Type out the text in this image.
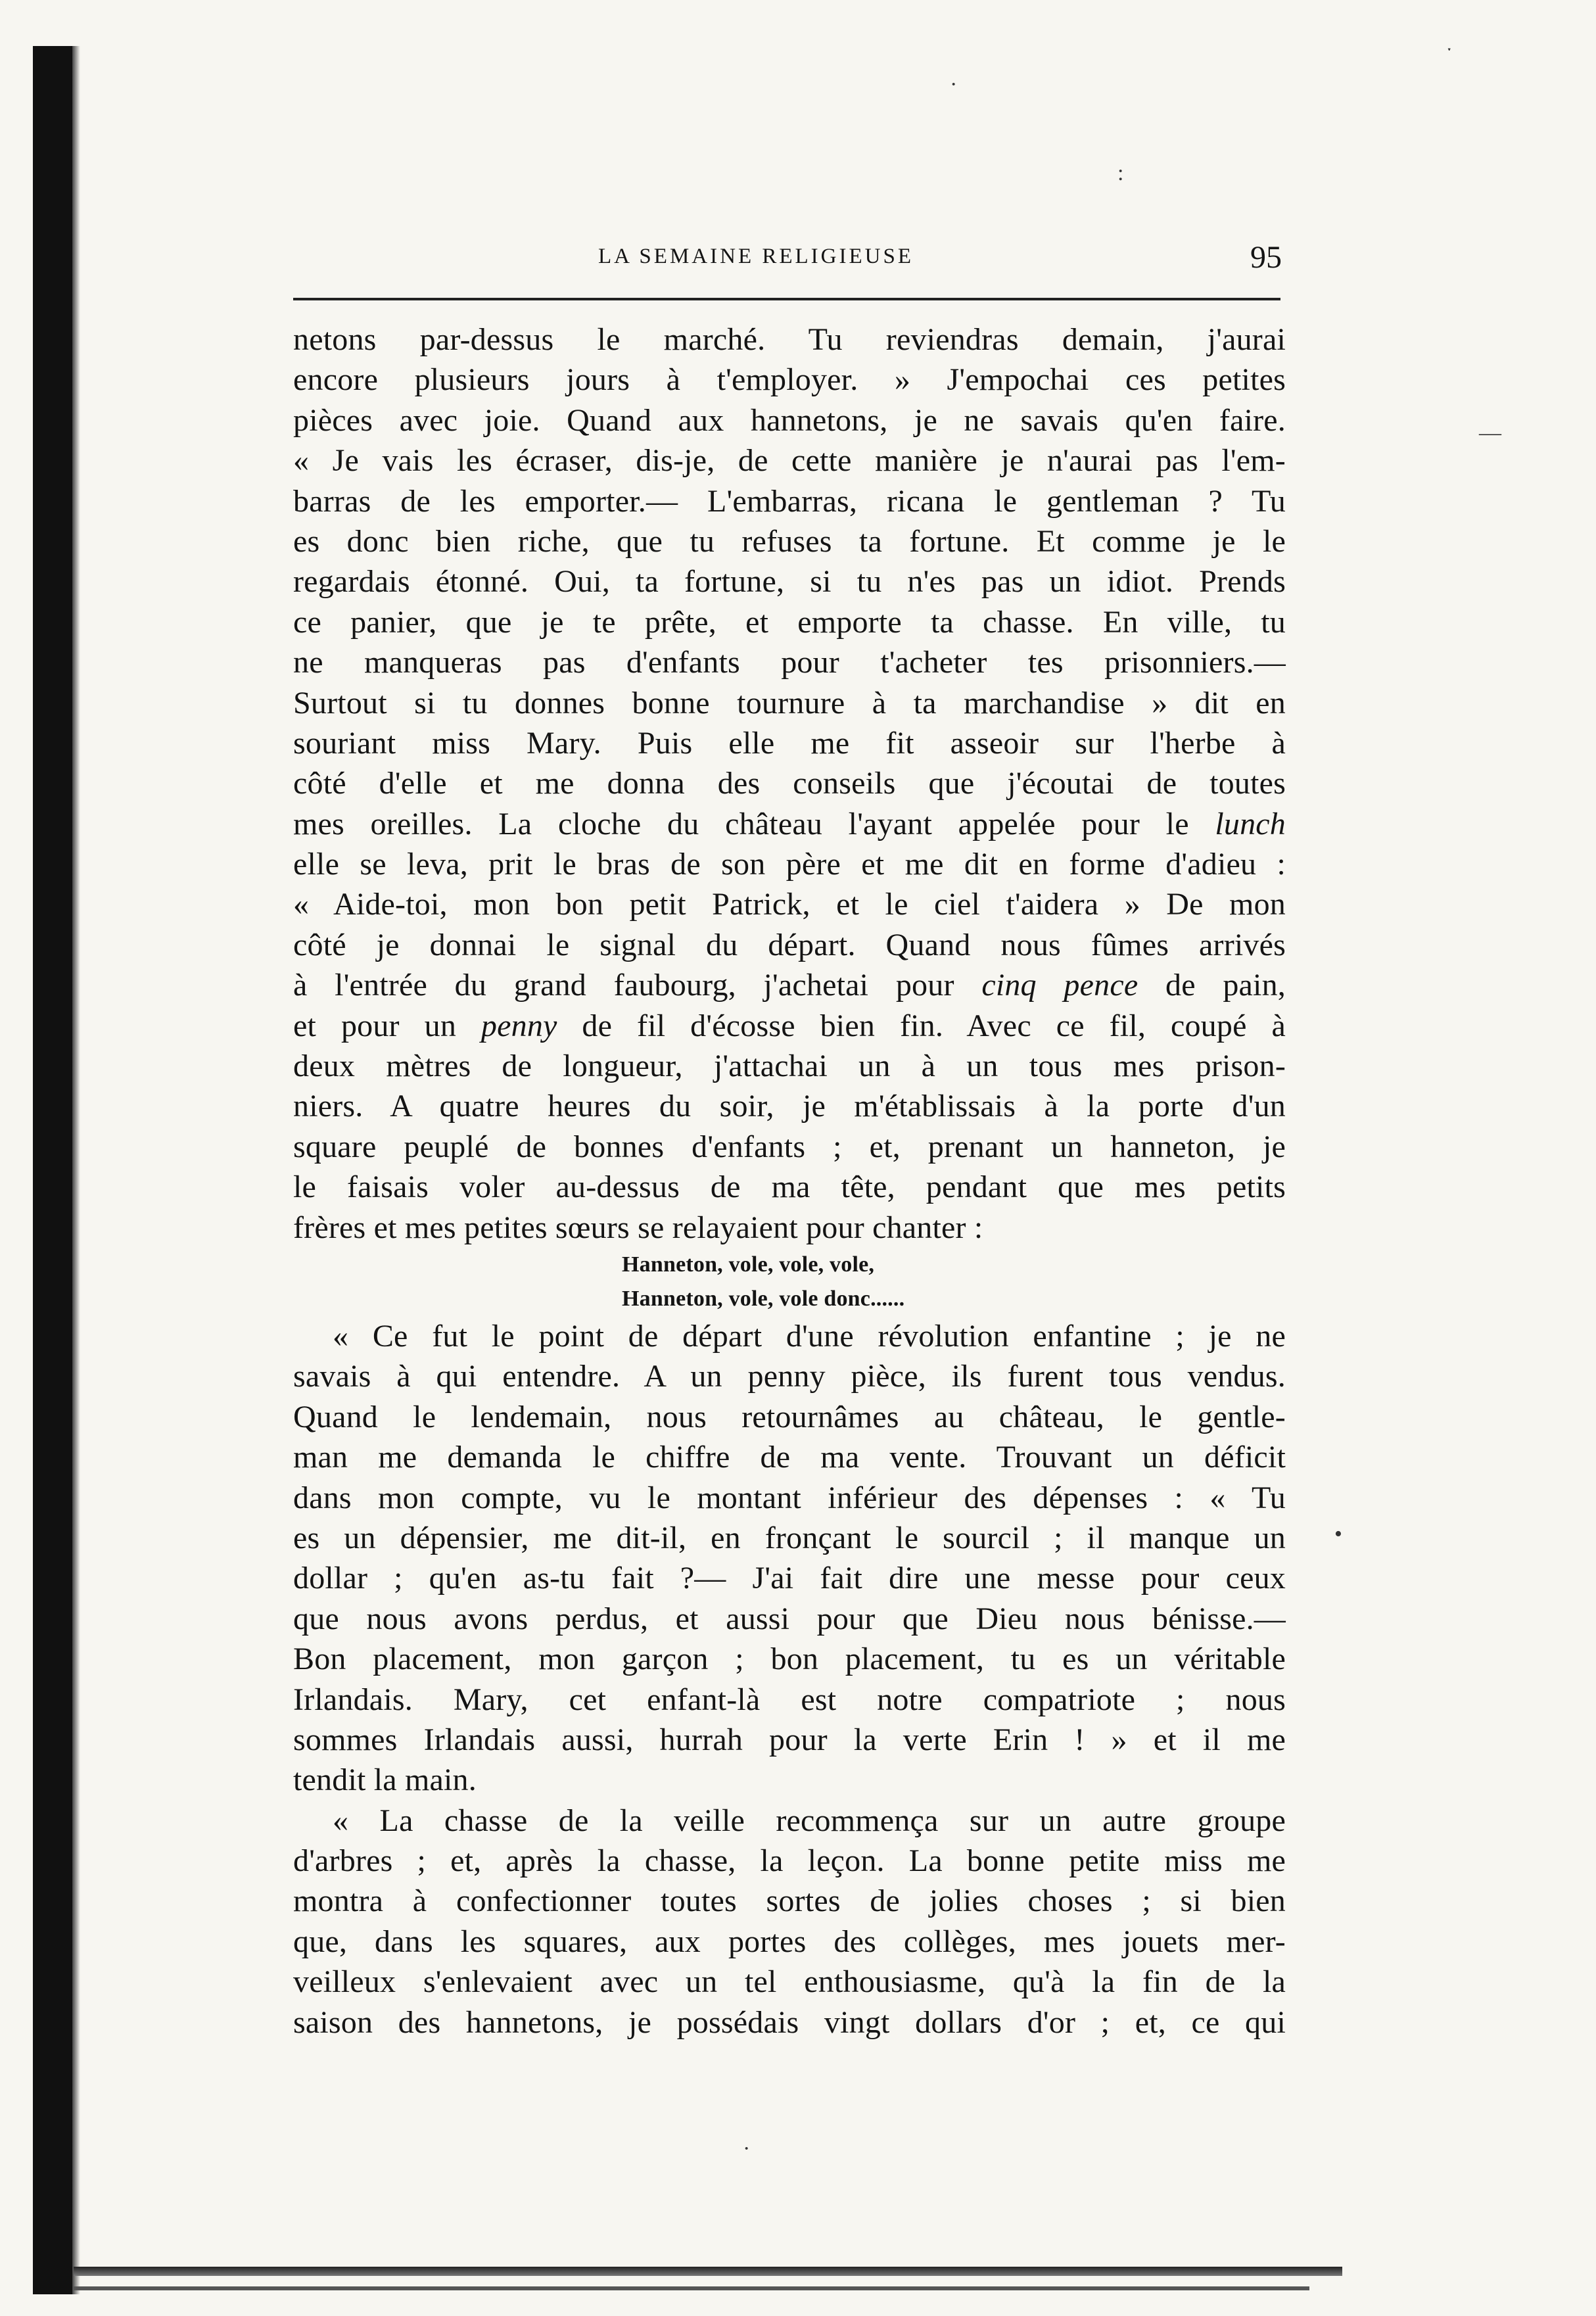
·
:
•
·
ˑ
—
LA SEMAINE RELIGIEUSE	95
netons par-dessus le marché. Tu reviendras demain, j'aurai
encore plusieurs jours à t'employer. » J'empochai ces petites
pièces avec joie. Quand aux hannetons, je ne savais qu'en faire.
« Je vais les écraser, dis-je, de cette manière je n'aurai pas l'em-
barras de les emporter.— L'embarras, ricana le gentleman ? Tu
es donc bien riche, que tu refuses ta fortune. Et comme je le
regardais étonné. Oui, ta fortune, si tu n'es pas un idiot. Prends
ce panier, que je te prête, et emporte ta chasse. En ville, tu
ne manqueras pas d'enfants pour t'acheter tes prisonniers.—
Surtout si tu donnes bonne tournure à ta marchandise » dit en
souriant miss Mary. Puis elle me fit asseoir sur l'herbe à
côté d'elle et me donna des conseils que j'écoutai de toutes
mes oreilles. La cloche du château l'ayant appelée pour le lunch
elle se leva, prit le bras de son père et me dit en forme d'adieu :
« Aide-toi, mon bon petit Patrick, et le ciel t'aidera » De mon
côté je donnai le signal du départ. Quand nous fûmes arrivés
à l'entrée du grand faubourg, j'achetai pour cinq pence de pain,
et pour un penny de fil d'écosse bien fin. Avec ce fil, coupé à
deux mètres de longueur, j'attachai un à un tous mes prison-
niers. A quatre heures du soir, je m'établissais à la porte d'un
square peuplé de bonnes d'enfants ; et, prenant un hanneton, je
le faisais voler au-dessus de ma tête, pendant que mes petits
frères et mes petites sœurs se relayaient pour chanter :
Hanneton, vole, vole, vole,
Hanneton, vole, vole donc......
« Ce fut le point de départ d'une révolution enfantine ; je ne
savais à qui entendre. A un penny pièce, ils furent tous vendus.
Quand le lendemain, nous retournâmes au château, le gentle-
man me demanda le chiffre de ma vente. Trouvant un déficit
dans mon compte, vu le montant inférieur des dépenses : « Tu
es un dépensier, me dit-il, en fronçant le sourcil ; il manque un
dollar ; qu'en as-tu fait ?— J'ai fait dire une messe pour ceux
que nous avons perdus, et aussi pour que Dieu nous bénisse.—
Bon placement, mon garçon ; bon placement, tu es un véritable
Irlandais. Mary, cet enfant-là est notre compatriote ; nous
sommes Irlandais aussi, hurrah pour la verte Erin ! » et il me
tendit la main.
« La chasse de la veille recommença sur un autre groupe
d'arbres ; et, après la chasse, la leçon. La bonne petite miss me
montra à confectionner toutes sortes de jolies choses ; si bien
que, dans les squares, aux portes des collèges, mes jouets mer-
veilleux s'enlevaient avec un tel enthousiasme, qu'à la fin de la
saison des hannetons, je possédais vingt dollars d'or ; et, ce qui
